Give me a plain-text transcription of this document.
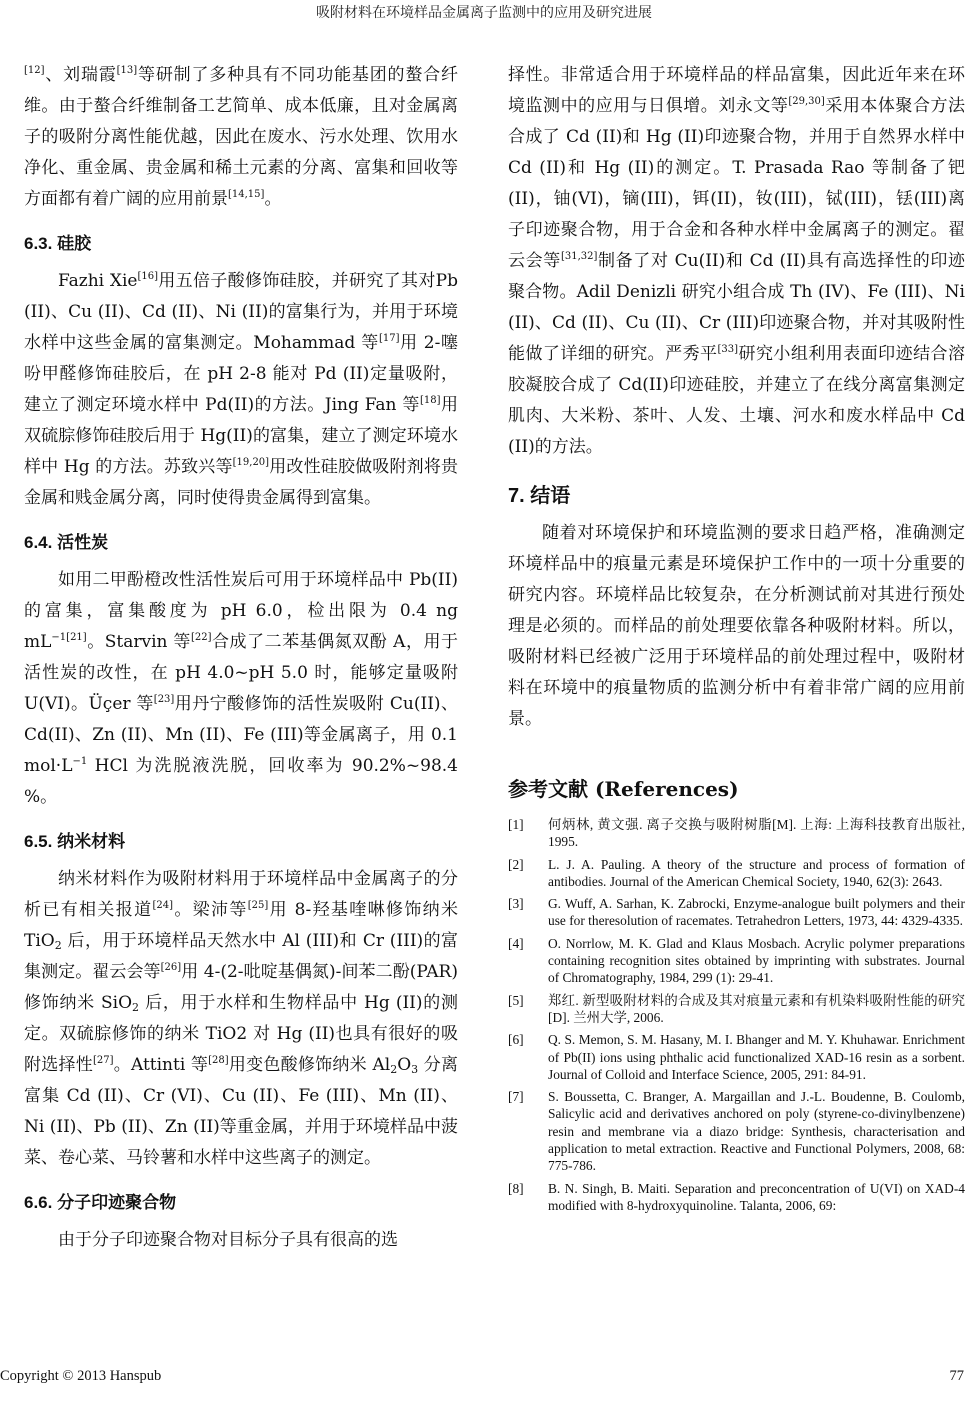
吸附材料在环境样品金属离子监测中的应用及研究进展

[12]、刘瑞霞[13]等研制了多种具有不同功能基团的螯合纤维。由于螯合纤维制备工艺简单、成本低廉，且对金属离子的吸附分离性能优越，因此在废水、污水处理、饮用水净化、重金属、贵金属和稀土元素的分离、富集和回收等方面都有着广阔的应用前景[14,15]。

6.3. 硅胶

Fazhi Xie[16]用五倍子酸修饰硅胶，并研究了其对Pb (II)、Cu (II)、Cd (II)、Ni (II)的富集行为，并用于环境水样中这些金属的富集测定。Mohammad 等[17]用 2-噻吩甲醛修饰硅胶后，在 pH 2-8 能对 Pd (II)定量吸附，建立了测定环境水样中 Pd(II)的方法。Jing Fan 等[18]用双硫腙修饰硅胶后用于 Hg(II)的富集，建立了测定环境水样中 Hg 的方法。苏致兴等[19,20]用改性硅胶做吸附剂将贵金属和贱金属分离，同时使得贵金属得到富集。

6.4. 活性炭

如用二甲酚橙改性活性炭后可用于环境样品中 Pb(II)的富集，富集酸度为 pH 6.0，检出限为 0.4 ng $mL^{-1[21]}$。Starvin 等[22]合成了二苯基偶氮双酚 A，用于活性炭的改性，在 pH 4.0~pH 5.0 时，能够定量吸附 U(VI)。Üçer 等[23]用丹宁酸修饰的活性炭吸附 Cu(II)、Cd(II)、Zn (II)、Mn (II)、Fe (III)等金属离子，用 0.1 $mol\cdot L^{-1}$ HCl 为洗脱液洗脱，回收率为 90.2%~98.4 %。

6.5. 纳米材料

纳米材料作为吸附材料用于环境样品中金属离子的分析已有相关报道[24]。梁沛等[25]用 8-羟基喹啉修饰纳米 TiO$_2$ 后，用于环境样品天然水中 Al (III)和 Cr (III)的富集测定。翟云会等[26]用 4-(2-吡啶基偶氮)-间苯二酚(PAR)修饰纳米 SiO$_2$ 后，用于水样和生物样品中 Hg (II)的测定。双硫腙修饰的纳米 TiO2 对 Hg (II)也具有很好的吸附选择性[27]。Attinti 等[28]用变色酸修饰纳米 $Al_2O_3$ 分离富集 Cd (II)、Cr (VI)、Cu (II)、Fe (III)、Mn (II)、Ni (II)、Pb (II)、Zn (II)等重金属，并用于环境样品中菠菜、卷心菜、马铃薯和水样中这些离子的测定。

6.6. 分子印迹聚合物

由于分子印迹聚合物对目标分子具有很高的选

择性。非常适合用于环境样品的样品富集，因此近年来在环境监测中的应用与日俱增。刘永文等[29,30]采用本体聚合方法合成了 Cd (II)和 Hg (II)印迹聚合物，并用于自然界水样中 Cd (II)和 Hg (II)的测定。T. Prasada Rao 等制备了钯(II)，铀(VI)，镝(III)，铒(II)，钕(III)，铽(III)，铥(III)离子印迹聚合物，用于合金和各种水样中金属离子的测定。翟云会等[31,32]制备了对 Cu(II)和 Cd (II)具有高选择性的印迹聚合物。Adil Denizli 研究小组合成 Th (IV)、Fe (III)、Ni (II)、Cd (II)、Cu (II)、Cr (III)印迹聚合物，并对其吸附性能做了详细的研究。严秀平[33]研究小组利用表面印迹结合溶胶凝胶合成了 Cd(II)印迹硅胶，并建立了在线分离富集测定肌肉、大米粉、茶叶、人发、土壤、河水和废水样品中 Cd (II)的方法。

7. 结语

随着对环境保护和环境监测的要求日趋严格，准确测定环境样品中的痕量元素是环境保护工作中的一项十分重要的研究内容。环境样品比较复杂，在分析测试前对其进行预处理是必须的。而样品的前处理要依靠各种吸附材料。所以，吸附材料已经被广泛用于环境样品的前处理过程中，吸附材料在环境中的痕量物质的监测分析中有着非常广阔的应用前景。

参考文献 (References)
[1]	何炳林, 黄文强. 离子交换与吸附树脂[M]. 上海: 上海科技教育出版社, 1995.
[2]	L. J. A. Pauling. A theory of the structure and process of formation of antibodies. Journal of the American Chemical Society, 1940, 62(3): 2643.
[3]	G. Wuff, A. Sarhan, K. Zabrocki, Enzyme-analogue built polymers and their use for theresolution of racemates. Tetrahedron Letters, 1973, 44: 4329-4335.
[4]	O. Norrlow, M. K. Glad and Klaus Mosbach. Acrylic polymer preparations containing recognition sites obtained by imprinting with substrates. Journal of Chromatography, 1984, 299 (1): 29-41.
[5]	郑红. 新型吸附材料的合成及其对痕量元素和有机染料吸附性能的研究[D]. 兰州大学, 2006.
[6]	Q. S. Memon, S. M. Hasany, M. I. Bhanger and M. Y. Khuhawar. Enrichment of Pb(II) ions using phthalic acid functionalized XAD-16 resin as a sorbent. Journal of Colloid and Interface Science, 2005, 291: 84-91.
[7]	S. Boussetta, C. Branger, A. Margaillan and J.-L. Boudenne, B. Coulomb, Salicylic acid and derivatives anchored on poly (styrene-co-divinylbenzene) resin and membrane via a diazo bridge: Synthesis, characterisation and application to metal extraction. Reactive and Functional Polymers, 2008, 68: 775-786.
[8]	B. N. Singh, B. Maiti. Separation and preconcentration of U(VI) on XAD-4 modified with 8-hydroxyquinoline. Talanta, 2006, 69:
Copyright © 2013 Hanspub	77
